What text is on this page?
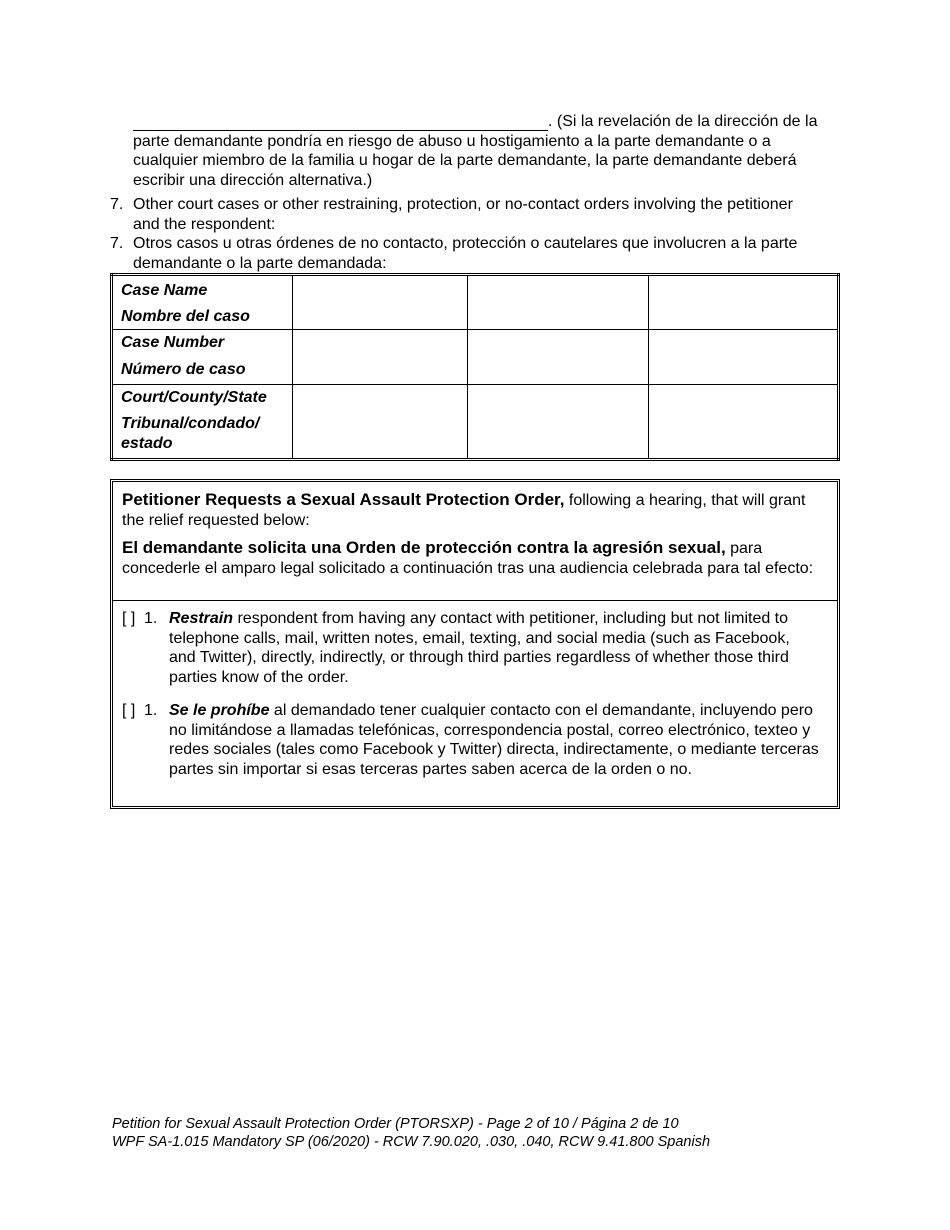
. (Si la revelación de la dirección de la parte demandante pondría en riesgo de abuso u hostigamiento a la parte demandante o a cualquier miembro de la familia u hogar de la parte demandante, la parte demandante deberá escribir una dirección alternativa.)
7. Other court cases or other restraining, protection, or no-contact orders involving the petitioner and the respondent:
7. Otros casos u otras órdenes de no contacto, protección o cautelares que involucren a la parte demandante o la parte demandada:
Case Name
Nombre del caso			

Case Number
Número de caso			

Court/County/State
Tribunal/condado/ estado			

Petitioner Requests a Sexual Assault Protection Order, following a hearing, that will grant the relief requested below:
El demandante solicita una Orden de protección contra la agresión sexual, para concederle el amparo legal solicitado a continuación tras una audiencia celebrada para tal efecto:
[ ] 1. Restrain respondent from having any contact with petitioner, including but not limited to telephone calls, mail, written notes, email, texting, and social media (such as Facebook, and Twitter), directly, indirectly, or through third parties regardless of whether those third parties know of the order.
[ ] 1. Se le prohíbe al demandado tener cualquier contacto con el demandante, incluyendo pero no limitándose a llamadas telefónicas, correspondencia postal, correo electrónico, texteo y redes sociales (tales como Facebook y Twitter) directa, indirectamente, o mediante terceras partes sin importar si esas terceras partes saben acerca de la orden o no.
Petition for Sexual Assault Protection Order (PTORSXP) - Page 2 of 10 / Página 2 de 10
WPF SA-1.015 Mandatory SP (06/2020) - RCW 7.90.020, .030, .040, RCW 9.41.800 Spanish
